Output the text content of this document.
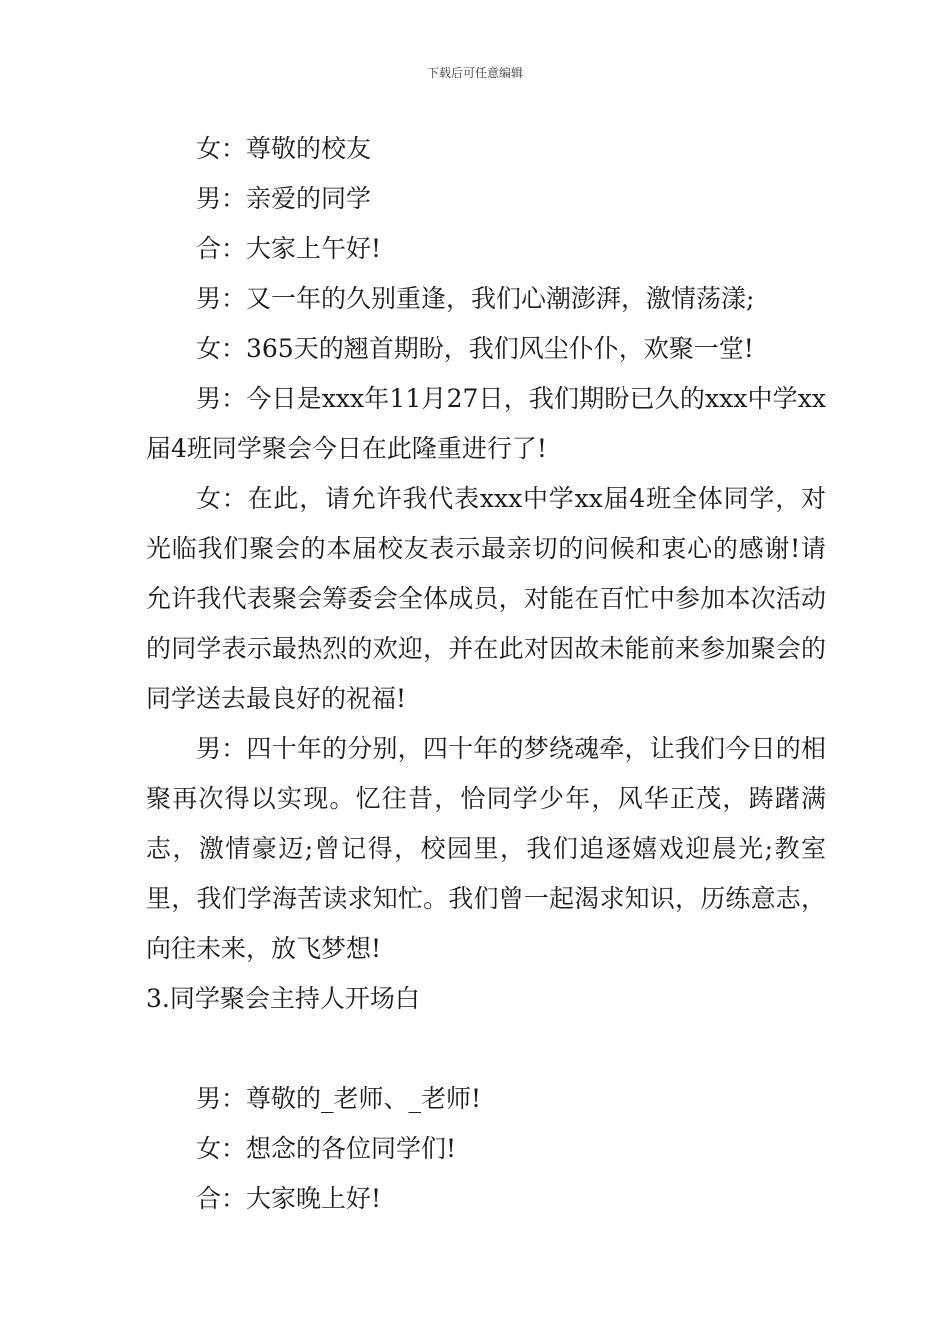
下载后可任意编辑
女：尊敬的校友
男：亲爱的同学
合：大家上午好!
男：又一年的久别重逢，我们心潮澎湃，激情荡漾;
女：365天的翘首期盼，我们风尘仆仆，欢聚一堂!

男：今日是xxx年11月27日，我们期盼已久的xxx中学xx届4班同学聚会今日在此隆重进行了!

女：在此，请允许我代表xxx中学xx届4班全体同学，对光临我们聚会的本届校友表示最亲切的问候和衷心的感谢!请允许我代表聚会筹委会全体成员，对能在百忙中参加本次活动的同学表示最热烈的欢迎，并在此对因故未能前来参加聚会的同学送去最良好的祝福!

男：四十年的分别，四十年的梦绕魂牵，让我们今日的相聚再次得以实现。忆往昔，恰同学少年，风华正茂，踌躇满志，激情豪迈;曾记得，校园里，我们追逐嬉戏迎晨光;教室里，我们学海苦读求知忙。我们曾一起渴求知识，历练意志，向往未来，放飞梦想!

3.同学聚会主持人开场白
男：尊敬的_老师、_老师!
女：想念的各位同学们!
合：大家晚上好!
